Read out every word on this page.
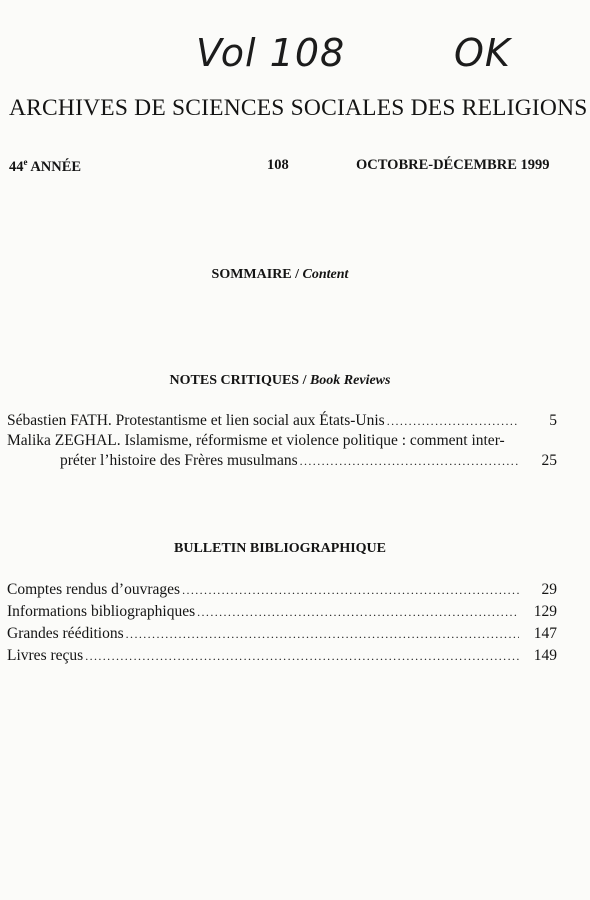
Vol 108	OK
ARCHIVES DE SCIENCES SOCIALES DES RELIGIONS
44e ANNÉE	108	OCTOBRE-DÉCEMBRE 1999
SOMMAIRE / Content
NOTES CRITIQUES / Book Reviews
Sébastien FATH. Protestantisme et lien social aux États-Unis .....	5
Malika ZEGHAL. Islamisme, réformisme et violence politique : comment inter-
préter l’histoire des Frères musulmans .....	25
BULLETIN BIBLIOGRAPHIQUE
Comptes rendus d’ouvrages .....	29
Informations bibliographiques .....	129
Grandes rééditions .....	147
Livres reçus .....	149
